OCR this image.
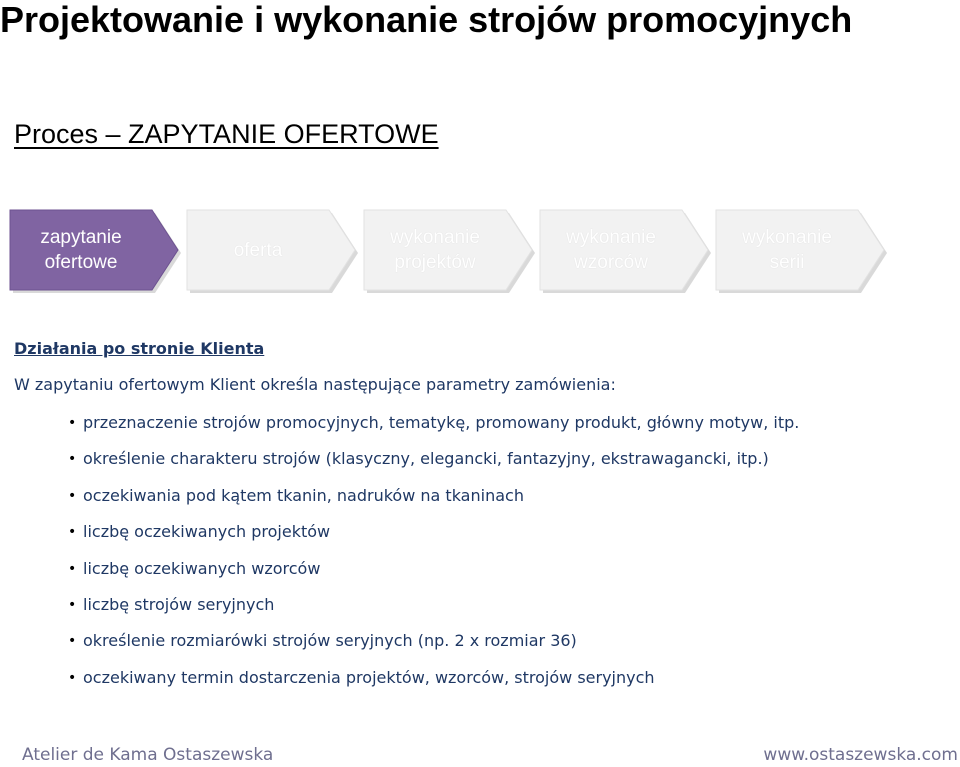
Projektowanie i wykonanie strojów promocyjnych
Proces – ZAPYTANIE OFERTOWE
zapytanie
ofertowe
oferta
wykonanie
projektów
wykonanie
wzorców
wykonanie
serii
Działania po stronie Klienta
W zapytaniu ofertowym Klient określa następujące parametry zamówienia:
• przeznaczenie strojów promocyjnych, tematykę, promowany produkt, główny motyw, itp.
• określenie charakteru strojów (klasyczny, elegancki, fantazyjny, ekstrawagancki, itp.)
• oczekiwania pod kątem tkanin, nadruków na tkaninach
• liczbę oczekiwanych projektów
• liczbę oczekiwanych wzorców
• liczbę strojów seryjnych
• określenie rozmiarówki strojów seryjnych (np. 2 x rozmiar 36)
• oczekiwany termin dostarczenia projektów, wzorców, strojów seryjnych
Atelier de Kama Ostaszewska	www.ostaszewska.com
